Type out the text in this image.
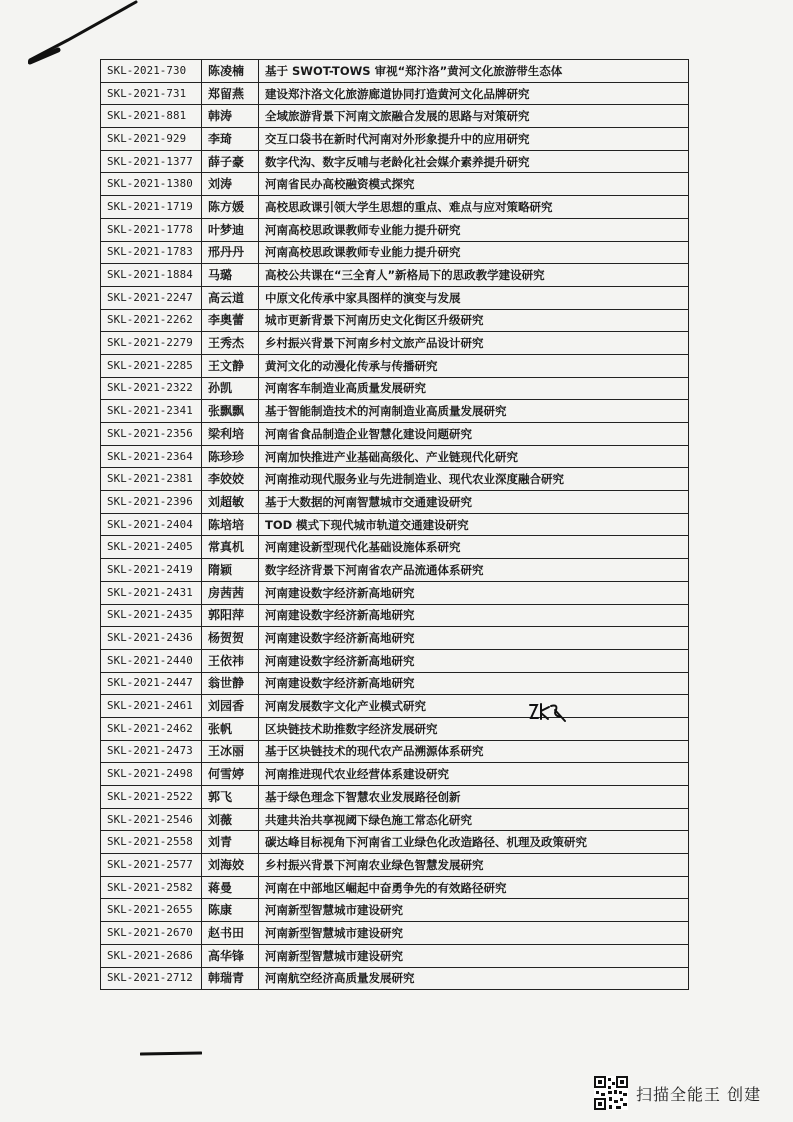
SKL-2021-730	陈凌楠	基于 SWOT-TOWS 审视“郑汴洛”黄河文化旅游带生态体
SKL-2021-731	郑留燕	建设郑汴洛文化旅游廊道协同打造黄河文化品牌研究
SKL-2021-881	韩涛	全域旅游背景下河南文旅融合发展的思路与对策研究
SKL-2021-929	李琦	交互口袋书在新时代河南对外形象提升中的应用研究
SKL-2021-1377	薛子豪	数字代沟、数字反哺与老龄化社会媒介素养提升研究
SKL-2021-1380	刘涛	河南省民办高校融资模式探究
SKL-2021-1719	陈方媛	高校思政课引领大学生思想的重点、难点与应对策略研究
SKL-2021-1778	叶梦迪	河南高校思政课教师专业能力提升研究
SKL-2021-1783	邢丹丹	河南高校思政课教师专业能力提升研究
SKL-2021-1884	马璐	高校公共课在“三全育人”新格局下的思政教学建设研究
SKL-2021-2247	高云道	中原文化传承中家具图样的演变与发展
SKL-2021-2262	李奥蕾	城市更新背景下河南历史文化街区升级研究
SKL-2021-2279	王秀杰	乡村振兴背景下河南乡村文旅产品设计研究
SKL-2021-2285	王文静	黄河文化的动漫化传承与传播研究
SKL-2021-2322	孙凯	河南客车制造业高质量发展研究
SKL-2021-2341	张飘飘	基于智能制造技术的河南制造业高质量发展研究
SKL-2021-2356	梁利培	河南省食品制造企业智慧化建设问题研究
SKL-2021-2364	陈珍珍	河南加快推进产业基础高级化、产业链现代化研究
SKL-2021-2381	李姣姣	河南推动现代服务业与先进制造业、现代农业深度融合研究
SKL-2021-2396	刘超敏	基于大数据的河南智慧城市交通建设研究
SKL-2021-2404	陈培培	TOD 模式下现代城市轨道交通建设研究
SKL-2021-2405	常真机	河南建设新型现代化基础设施体系研究
SKL-2021-2419	隋颖	数字经济背景下河南省农产品流通体系研究
SKL-2021-2431	房茜茜	河南建设数字经济新高地研究
SKL-2021-2435	郭阳萍	河南建设数字经济新高地研究
SKL-2021-2436	杨贺贺	河南建设数字经济新高地研究
SKL-2021-2440	王依祎	河南建设数字经济新高地研究
SKL-2021-2447	翁世静	河南建设数字经济新高地研究
SKL-2021-2461	刘园香	河南发展数字文化产业模式研究
SKL-2021-2462	张帆	区块链技术助推数字经济发展研究
SKL-2021-2473	王冰丽	基于区块链技术的现代农产品溯源体系研究
SKL-2021-2498	何雪婷	河南推进现代农业经营体系建设研究
SKL-2021-2522	郭飞	基于绿色理念下智慧农业发展路径创新
SKL-2021-2546	刘薇	共建共治共享视阈下绿色施工常态化研究
SKL-2021-2558	刘青	碳达峰目标视角下河南省工业绿色化改造路径、机理及政策研究
SKL-2021-2577	刘海姣	乡村振兴背景下河南农业绿色智慧发展研究
SKL-2021-2582	蒋曼	河南在中部地区崛起中奋勇争先的有效路径研究
SKL-2021-2655	陈康	河南新型智慧城市建设研究
SKL-2021-2670	赵书田	河南新型智慧城市建设研究
SKL-2021-2686	高华锋	河南新型智慧城市建设研究
SKL-2021-2712	韩瑞青	河南航空经济高质量发展研究
扫描全能王 创建
